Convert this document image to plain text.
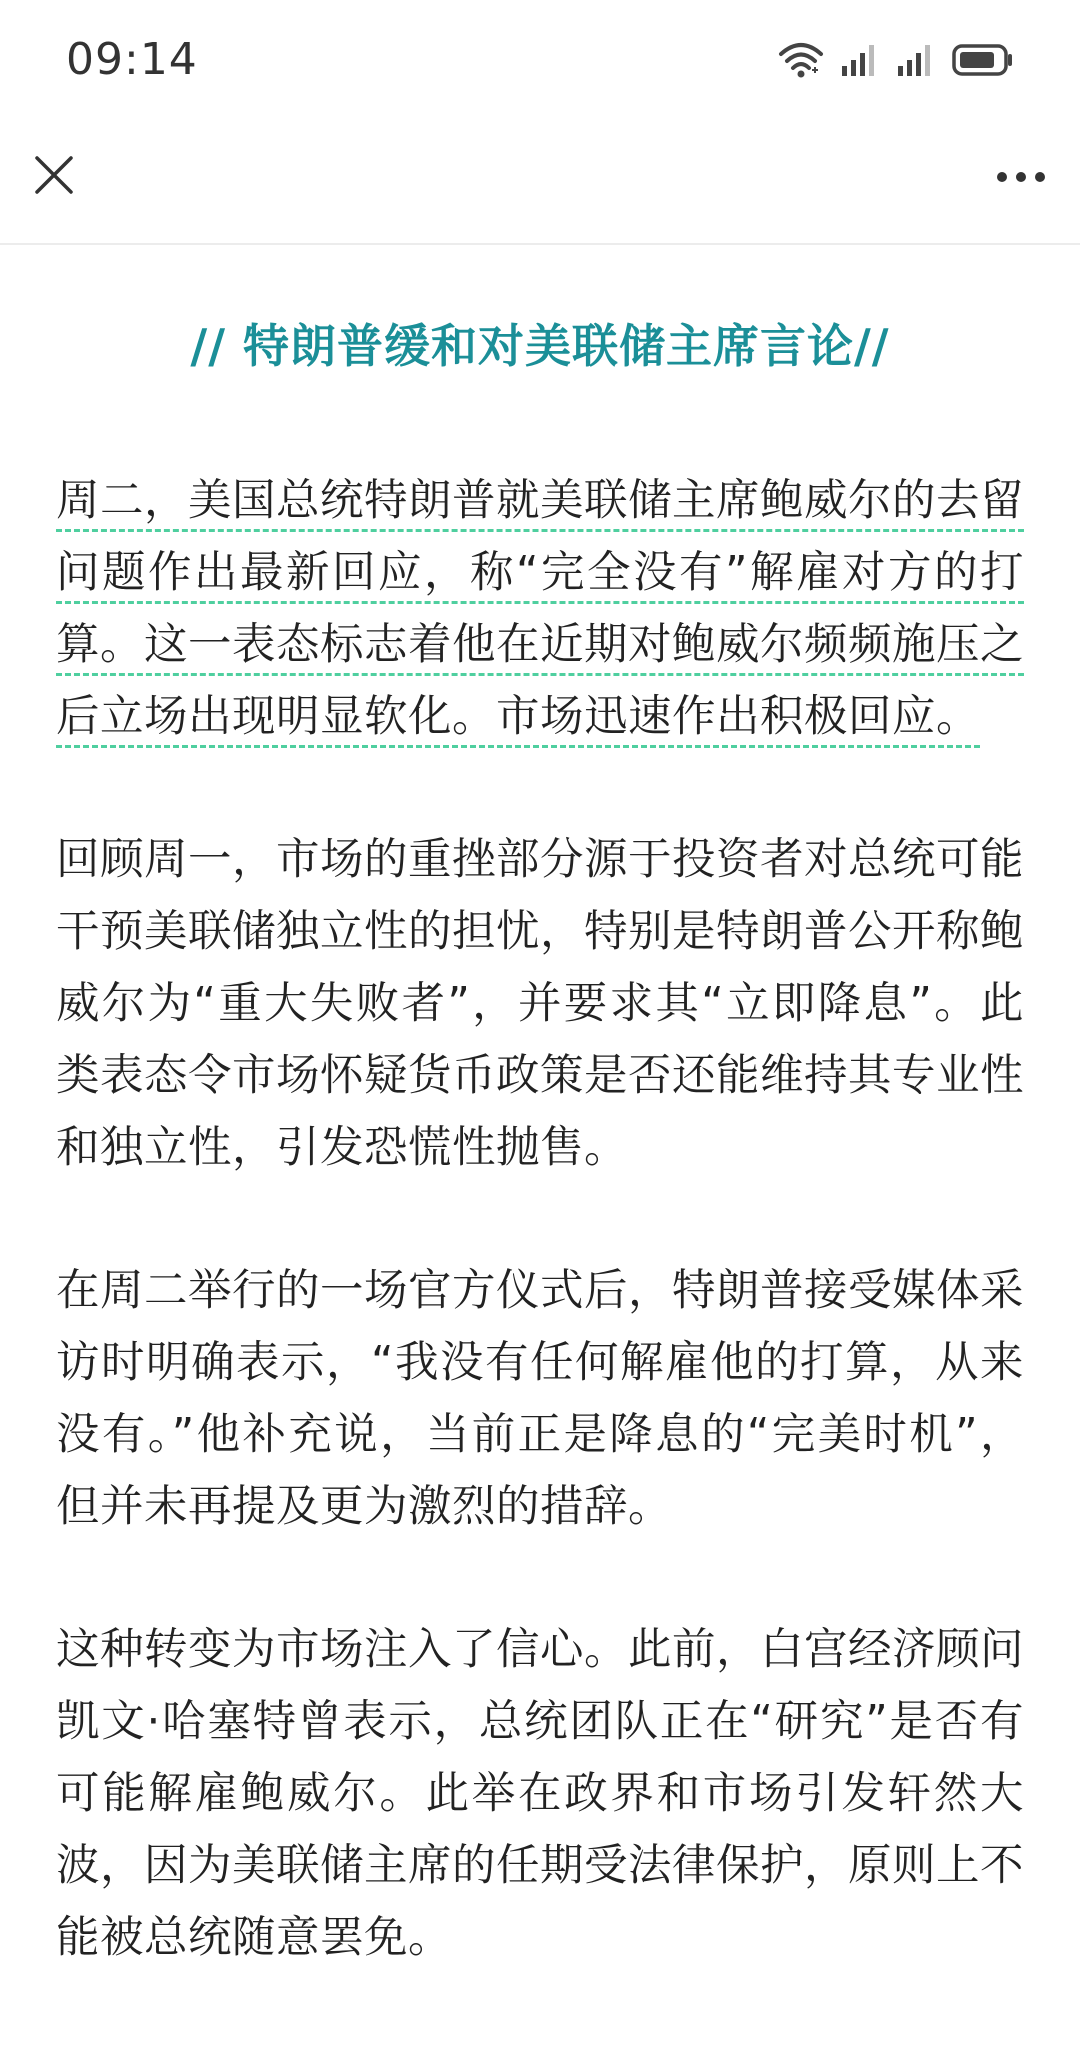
09:14
// 特朗普缓和对美联储主席言论//

周二，美国总统特朗普就美联储主席鲍威尔的去留问题作出最新回应，称“完全没有”解雇对方的打算。这一表态标志着他在近期对鲍威尔频频施压之后立场出现明显软化。市场迅速作出积极回应。

回顾周一，市场的重挫部分源于投资者对总统可能干预美联储独立性的担忧，特别是特朗普公开称鲍威尔为“重大失败者”，并要求其“立即降息”。此类表态令市场怀疑货币政策是否还能维持其专业性和独立性，引发恐慌性抛售。

在周二举行的一场官方仪式后，特朗普接受媒体采访时明确表示，“我没有任何解雇他的打算，从来没有。”他补充说，当前正是降息的“完美时机”，但并未再提及更为激烈的措辞。

这种转变为市场注入了信心。此前，白宫经济顾问凯文·哈塞特曾表示，总统团队正在“研究”是否有可能解雇鲍威尔。此举在政界和市场引发轩然大波，因为美联储主席的任期受法律保护，原则上不能被总统随意罢免。
